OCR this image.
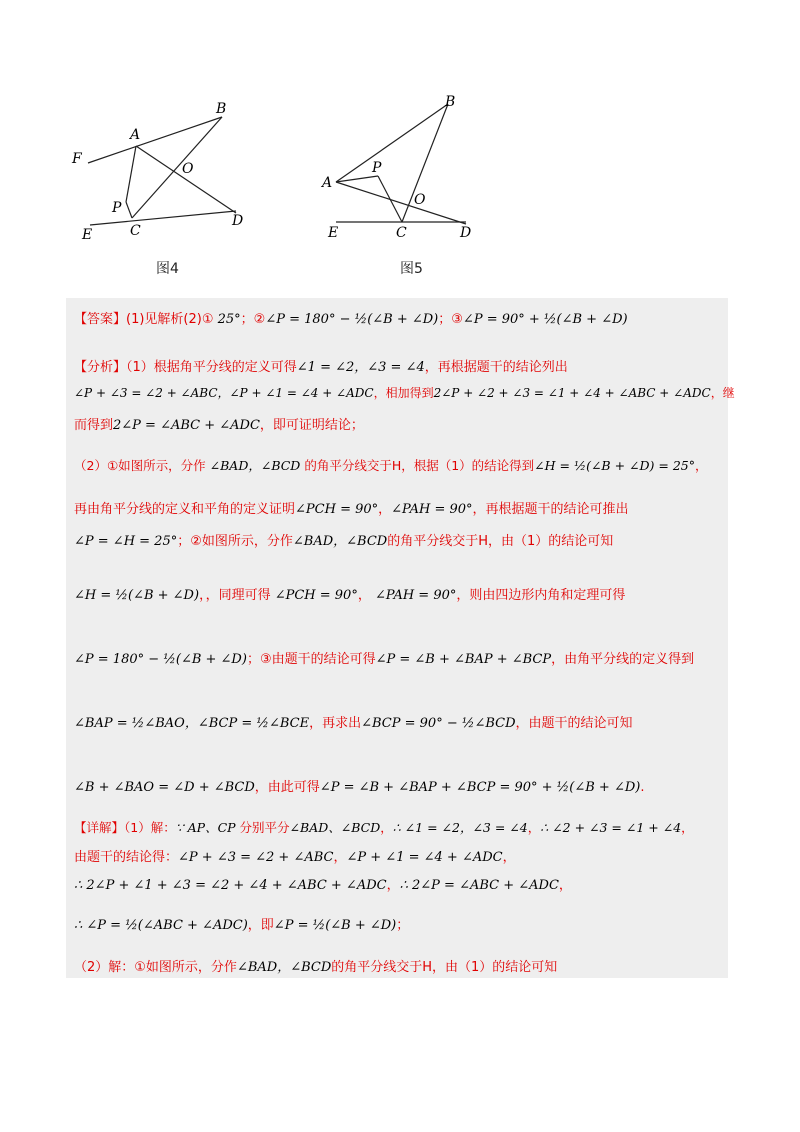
B
A
F
O
P
E	C
D
图4
B
A
P
O
E	C	D
图5
【答案】(1)见解析(2)① 25°；②∠P = 180° − ½(∠B + ∠D)；③∠P = 90° + ½(∠B + ∠D)
【分析】（1）根据角平分线的定义可得∠1 = ∠2，∠3 = ∠4，再根据题干的结论列出
∠P + ∠3 = ∠2 + ∠ABC，∠P + ∠1 = ∠4 + ∠ADC，相加得到2∠P + ∠2 + ∠3 = ∠1 + ∠4 + ∠ABC + ∠ADC，继
而得到2∠P = ∠ABC + ∠ADC，即可证明结论；
（2）①如图所示，分作 ∠BAD，∠BCD 的角平分线交于H，根据（1）的结论得到∠H = ½(∠B + ∠D) = 25°，
再由角平分线的定义和平角的定义证明∠PCH = 90°，∠PAH = 90°，再根据题干的结论可推出
∠P = ∠H = 25°；②如图所示，分作∠BAD，∠BCD的角平分线交于H，由（1）的结论可知
∠H = ½(∠B + ∠D)，，同理可得 ∠PCH = 90°， ∠PAH = 90°，则由四边形内角和定理可得
∠P = 180° − ½(∠B + ∠D)；③由题干的结论可得∠P = ∠B + ∠BAP + ∠BCP，由角平分线的定义得到
∠BAP = ½∠BAO，∠BCP = ½∠BCE，再求出∠BCP = 90° − ½∠BCD，由题干的结论可知
∠B + ∠BAO = ∠D + ∠BCD，由此可得∠P = ∠B + ∠BAP + ∠BCP = 90° + ½(∠B + ∠D).
【详解】（1）解：∵ AP、CP 分别平分∠BAD、∠BCD，∴ ∠1 = ∠2，∠3 = ∠4，∴ ∠2 + ∠3 = ∠1 + ∠4，
由题干的结论得：∠P + ∠3 = ∠2 + ∠ABC，∠P + ∠1 = ∠4 + ∠ADC，
∴ 2∠P + ∠1 + ∠3 = ∠2 + ∠4 + ∠ABC + ∠ADC，∴ 2∠P = ∠ABC + ∠ADC，
∴ ∠P = ½(∠ABC + ∠ADC)，即∠P = ½(∠B + ∠D)；
（2）解：①如图所示，分作∠BAD，∠BCD的角平分线交于H，由（1）的结论可知
